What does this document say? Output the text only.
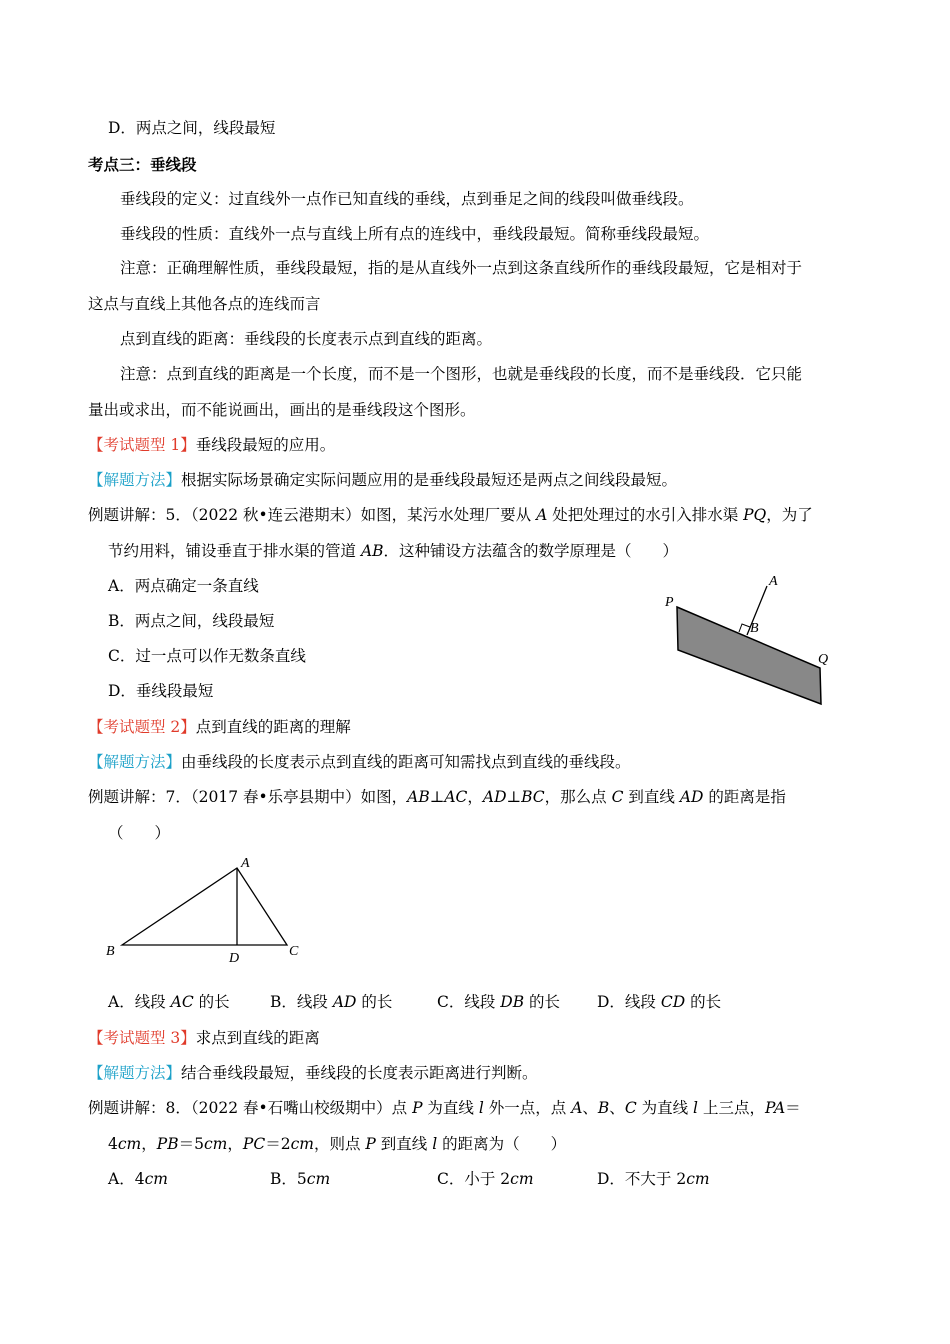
D．两点之间，线段最短
考点三：垂线段
垂线段的定义：过直线外一点作已知直线的垂线，点到垂足之间的线段叫做垂线段。
垂线段的性质：直线外一点与直线上所有点的连线中，垂线段最短。简称垂线段最短。
注意：正确理解性质，垂线段最短，指的是从直线外一点到这条直线所作的垂线段最短，它是相对于
这点与直线上其他各点的连线而言
点到直线的距离：垂线段的长度表示点到直线的距离。
注意：点到直线的距离是一个长度，而不是一个图形，也就是垂线段的长度，而不是垂线段．它只能
量出或求出，而不能说画出，画出的是垂线段这个图形。
【考试题型 1】垂线段最短的应用。
【解题方法】根据实际场景确定实际问题应用的是垂线段最短还是两点之间线段最短。
例题讲解：5．（2022 秋•连云港期末）如图，某污水处理厂要从 A 处把处理过的水引入排水渠 PQ，为了
节约用料，铺设垂直于排水渠的管道 AB．这种铺设方法蕴含的数学原理是（　　）
A．两点确定一条直线
B．两点之间，线段最短
C．过一点可以作无数条直线
D．垂线段最短
P
A
B
Q
【考试题型 2】点到直线的距离的理解
【解题方法】由垂线段的长度表示点到直线的距离可知需找点到直线的垂线段。
例题讲解：7．（2017 春•乐亭县期中）如图，AB⊥AC，AD⊥BC，那么点 C 到直线 AD 的距离是指
（　　）
A
B	D	C
A．线段 AC 的长	B．线段 AD 的长	C．线段 DB 的长 D．线段 CD 的长
【考试题型 3】求点到直线的距离
【解题方法】结合垂线段最短，垂线段的长度表示距离进行判断。
例题讲解：8．（2022 春•石嘴山校级期中）点 P 为直线 l 外一点，点 A、B、C 为直线 l 上三点，PA＝
4cm，PB＝5cm，PC＝2cm，则点 P 到直线 l 的距离为（　　）
A．4cm	B．5cm	C．小于 2cm	D．不大于 2cm
